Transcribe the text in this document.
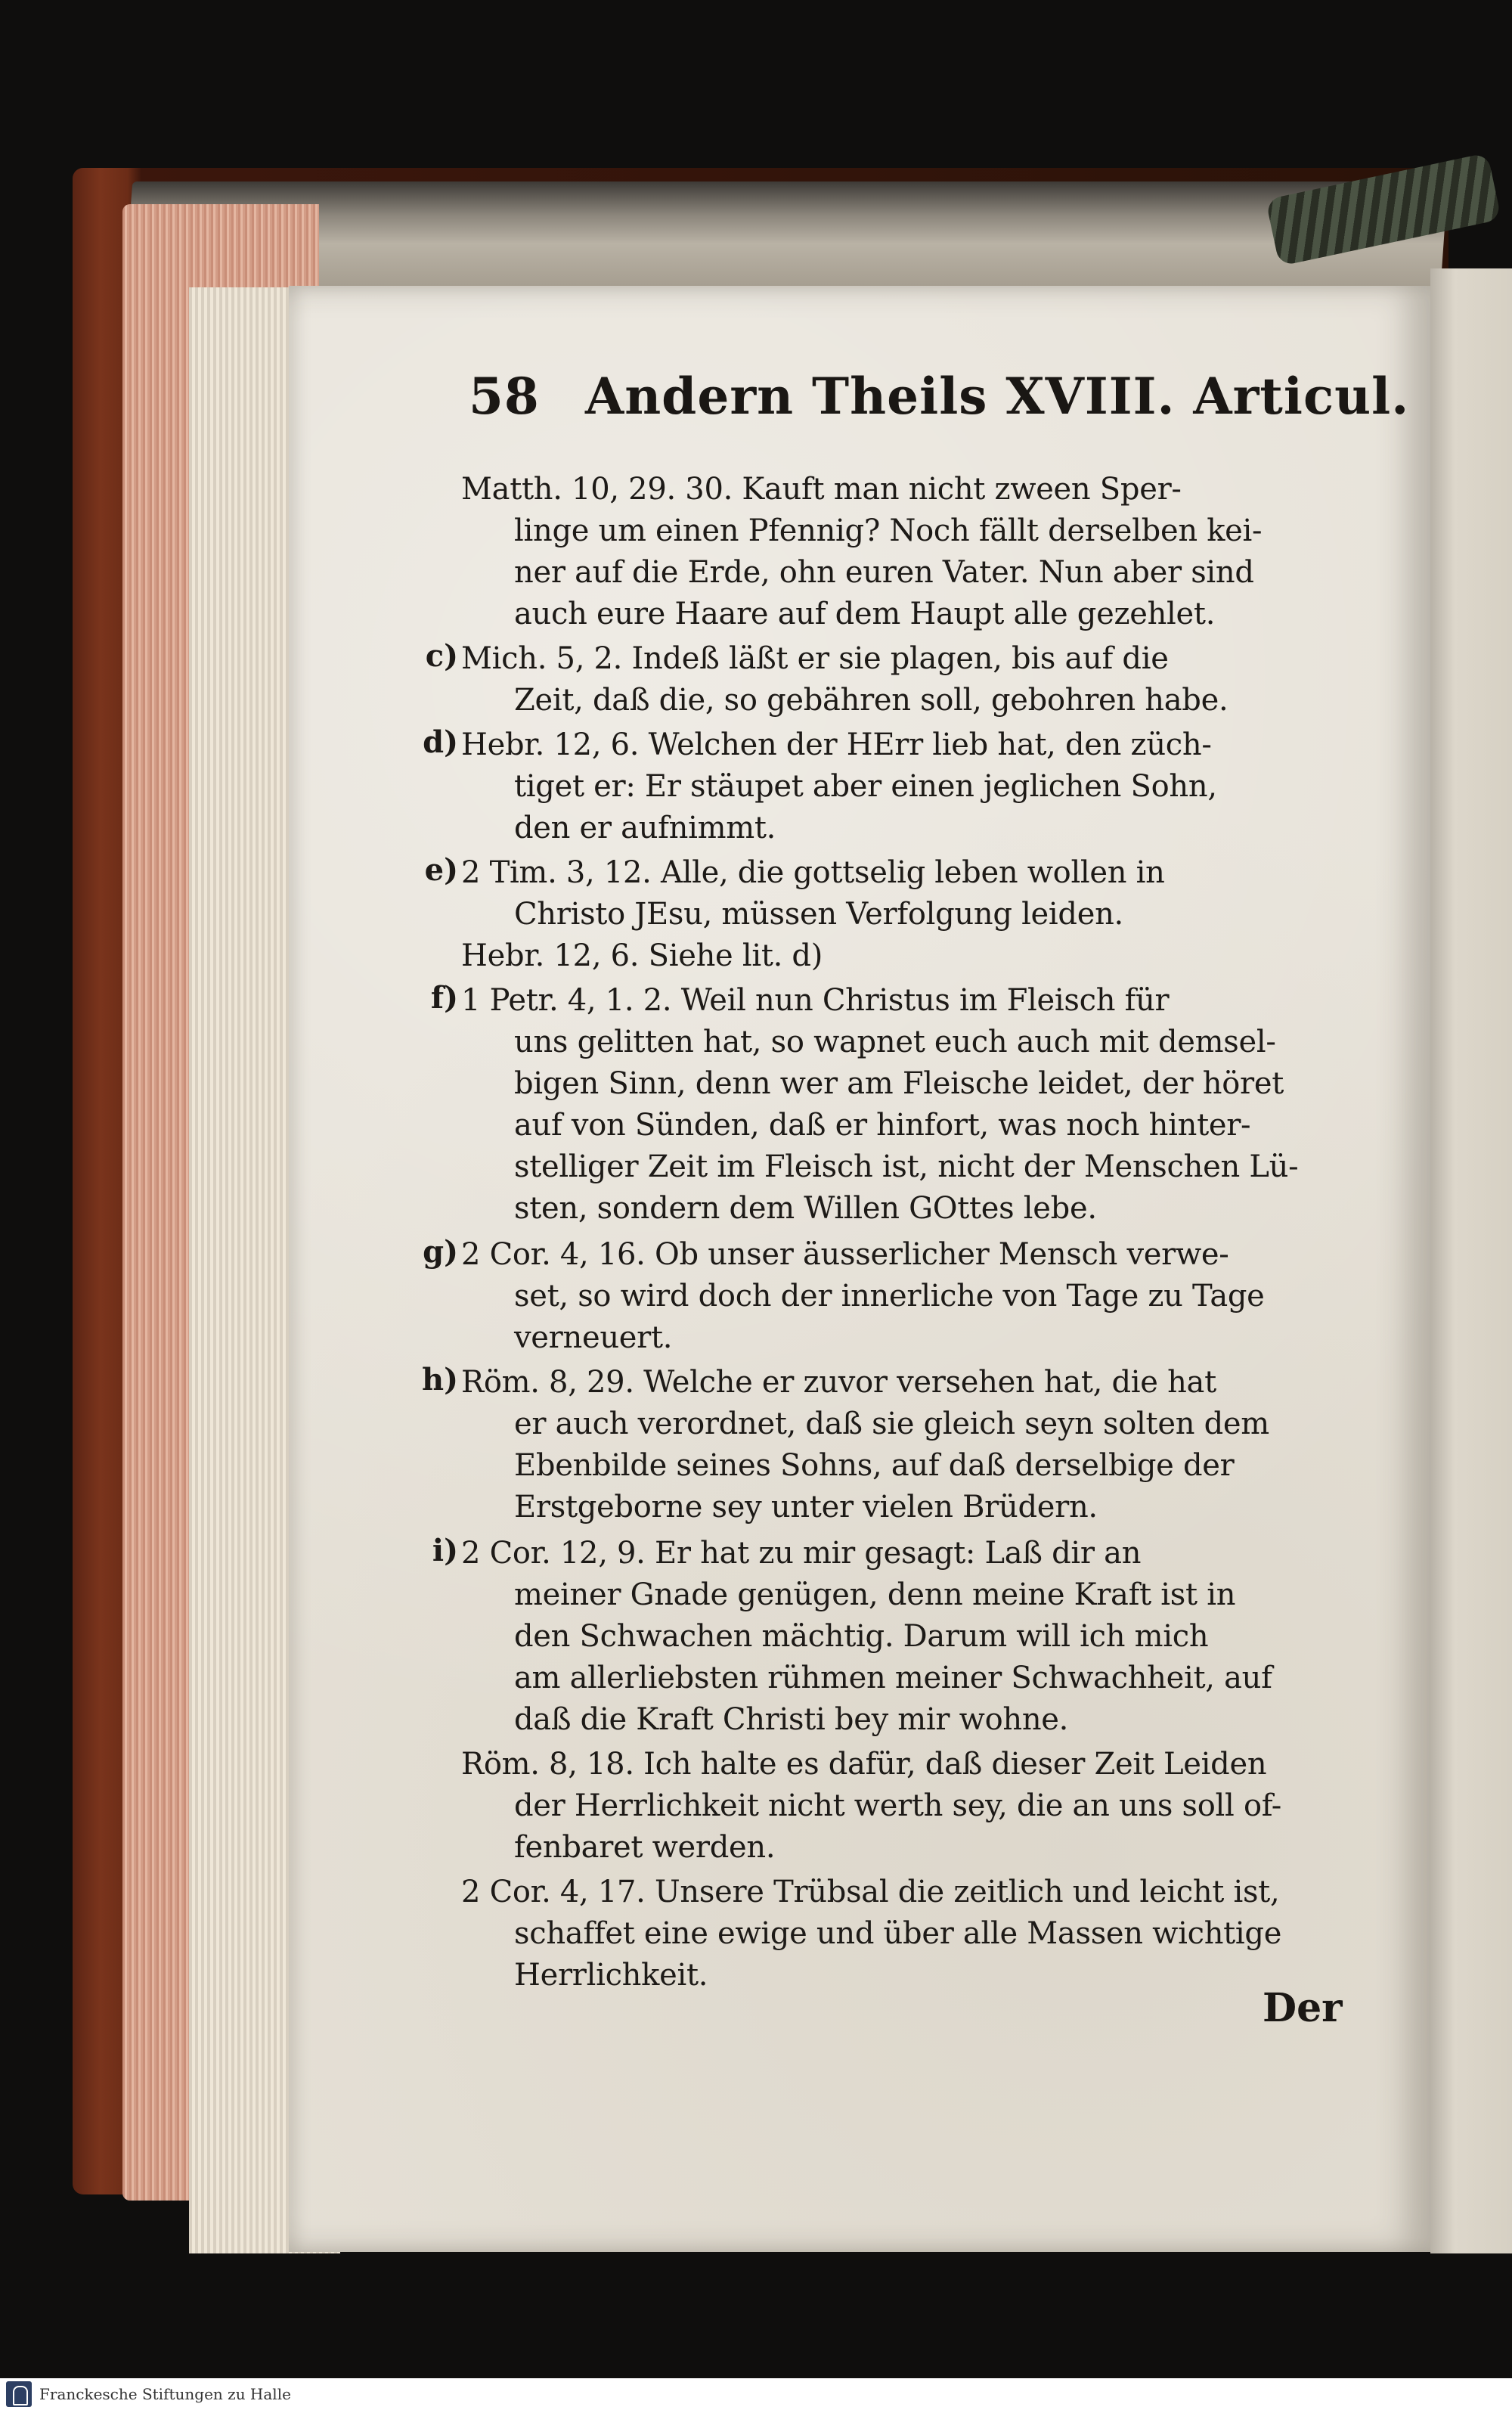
58 Andern Theils XVIII. Articul.
Matth. 10, 29. 30. Kauft man nicht zween Sper-
linge um einen Pfennig? Noch fällt derselben kei-
ner auf die Erde, ohn euren Vater. Nun aber sind
auch eure Haare auf dem Haupt alle gezehlet.
c) Mich. 5, 2. Indeß läßt er sie plagen, bis auf die
Zeit, daß die, so gebähren soll, gebohren habe.
d) Hebr. 12, 6. Welchen der HErr lieb hat, den züch-
tiget er: Er stäupet aber einen jeglichen Sohn,
den er aufnimmt.
e) 2 Tim. 3, 12. Alle, die gottselig leben wollen in
Christo JEsu, müssen Verfolgung leiden.
Hebr. 12, 6. Siehe lit. d)
f) 1 Petr. 4, 1. 2. Weil nun Christus im Fleisch für
uns gelitten hat, so wapnet euch auch mit demsel-
bigen Sinn, denn wer am Fleische leidet, der höret
auf von Sünden, daß er hinfort, was noch hinter-
stelliger Zeit im Fleisch ist, nicht der Menschen Lü-
sten, sondern dem Willen GOttes lebe.
g) 2 Cor. 4, 16. Ob unser äusserlicher Mensch verwe-
set, so wird doch der innerliche von Tage zu Tage
verneuert.
h) Röm. 8, 29. Welche er zuvor versehen hat, die hat
er auch verordnet, daß sie gleich seyn solten dem
Ebenbilde seines Sohns, auf daß derselbige der
Erstgeborne sey unter vielen Brüdern.
i) 2 Cor. 12, 9. Er hat zu mir gesagt: Laß dir an
meiner Gnade genügen, denn meine Kraft ist in
den Schwachen mächtig. Darum will ich mich
am allerliebsten rühmen meiner Schwachheit, auf
daß die Kraft Christi bey mir wohne.
Röm. 8, 18. Ich halte es dafür, daß dieser Zeit Leiden
der Herrlichkeit nicht werth sey, die an uns soll of-
fenbaret werden.
2 Cor. 4, 17. Unsere Trübsal die zeitlich und leicht ist,
schaffet eine ewige und über alle Massen wichtige
Herrlichkeit.
Der
Franckesche Stiftungen zu Halle
